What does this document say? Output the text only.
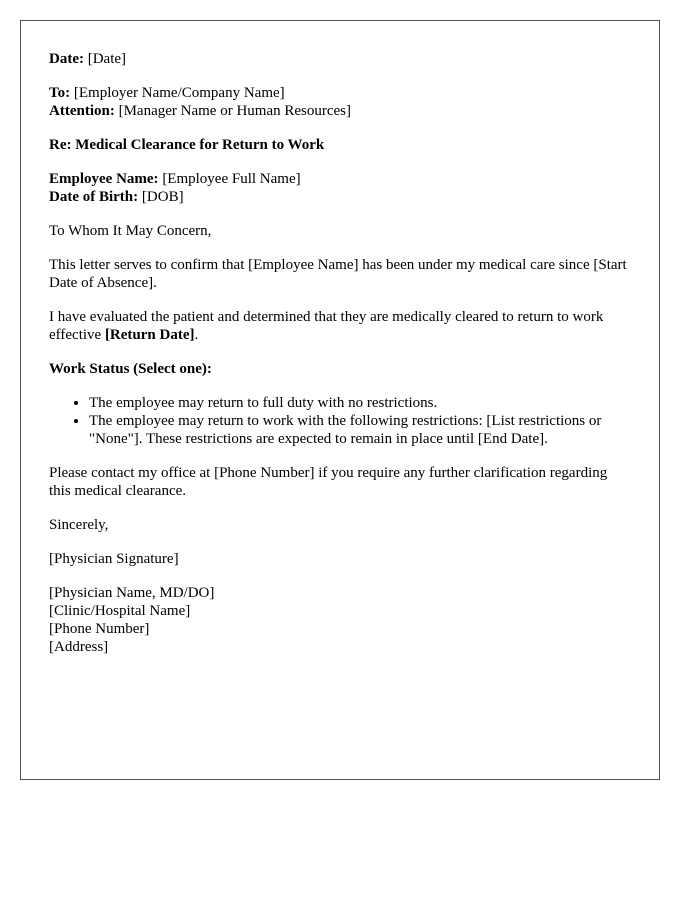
Date: [Date]

To: [Employer Name/Company Name]
Attention: [Manager Name or Human Resources]

Re: Medical Clearance for Return to Work

Employee Name: [Employee Full Name]
Date of Birth: [DOB]

To Whom It May Concern,

This letter serves to confirm that [Employee Name] has been under my medical care since [Start Date of Absence].

I have evaluated the patient and determined that they are medically cleared to return to work effective [Return Date].

Work Status (Select one):

• The employee may return to full duty with no restrictions.
• The employee may return to work with the following restrictions: [List restrictions or "None"]. These restrictions are expected to remain in place until [End Date].

Please contact my office at [Phone Number] if you require any further clarification regarding this medical clearance.

Sincerely,

[Physician Signature]

[Physician Name, MD/DO]
[Clinic/Hospital Name]
[Phone Number]
[Address]
